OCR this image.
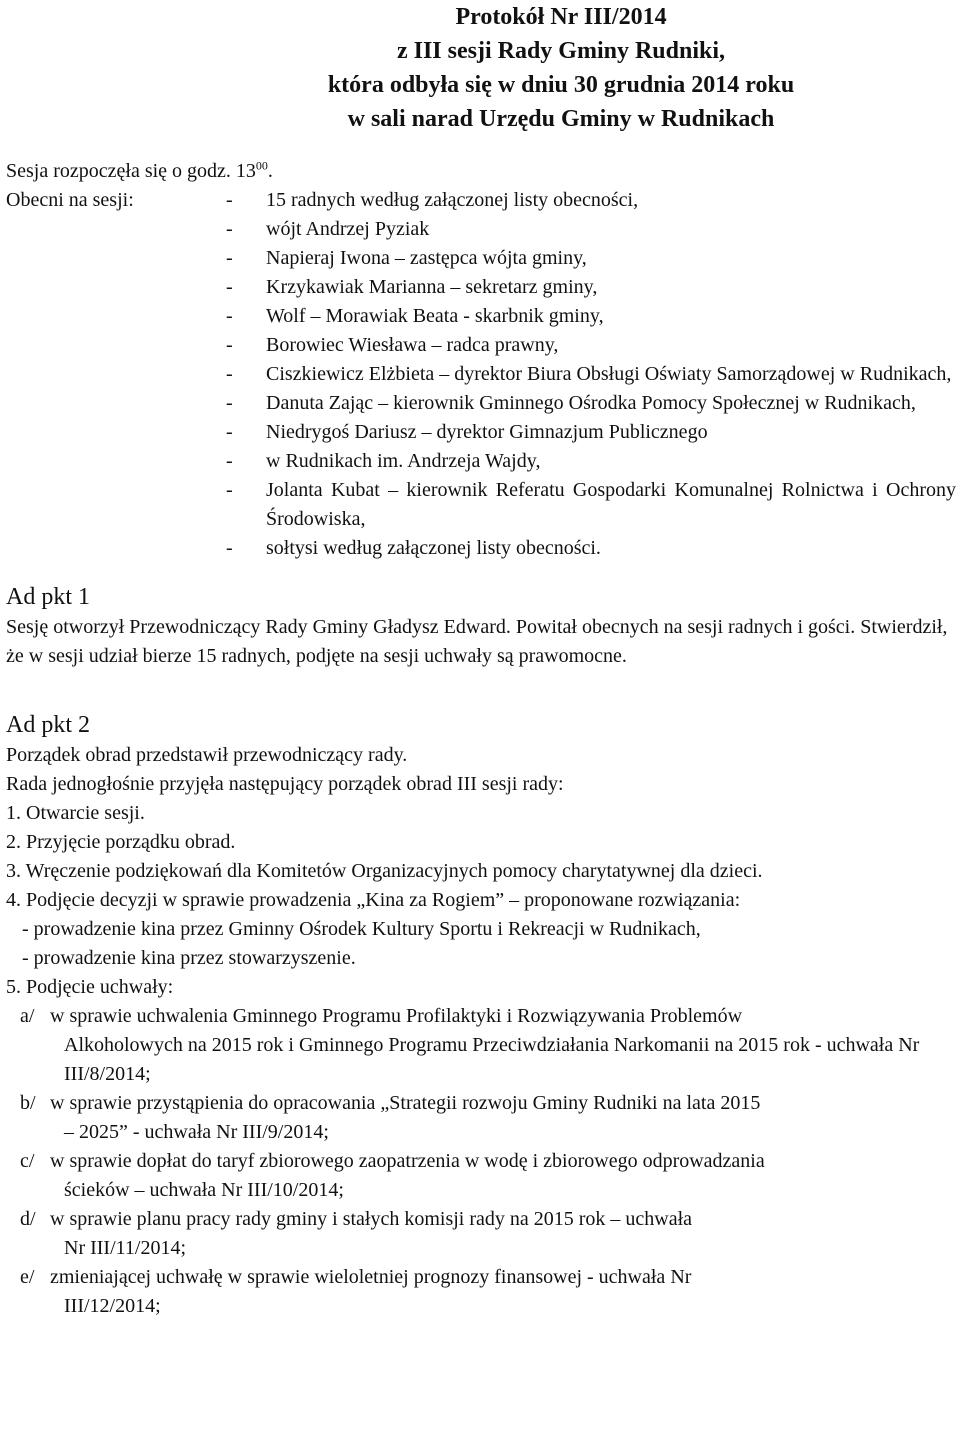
Protokół Nr III/2014
z III sesji Rady Gminy Rudniki,
która odbyła się w dniu 30 grudnia 2014 roku
w sali narad Urzędu Gminy w Rudnikach

Sesja rozpoczęła się o godz. $13^{00}$.

Obecni na sesji:	-	15 radnych według załączonej listy obecności,
-	wójt Andrzej Pyziak
-	Napieraj Iwona – zastępca wójta gminy,
-	Krzykawiak Marianna – sekretarz gminy,
-	Wolf – Morawiak Beata - skarbnik gminy,
-	Borowiec Wiesława – radca prawny,
-	Ciszkiewicz Elżbieta – dyrektor Biura Obsługi Oświaty Samorządowej w Rudnikach,
-	Danuta Zając – kierownik Gminnego Ośrodka Pomocy Społecznej w Rudnikach,
-	Niedrygoś Dariusz – dyrektor Gimnazjum Publicznego
-	w Rudnikach im. Andrzeja Wajdy,
-	Jolanta Kubat – kierownik Referatu Gospodarki Komunalnej Rolnictwa i Ochrony Środowiska,
-	sołtysi według załączonej listy obecności.
Ad pkt 1

Sesję otworzył Przewodniczący Rady Gminy Gładysz Edward. Powitał obecnych na sesji radnych i gości. Stwierdził, że w sesji udział bierze 15 radnych, podjęte na sesji uchwały są prawomocne.

Ad pkt 2

Porządek obrad przedstawił przewodniczący rady.

Rada jednogłośnie przyjęła następujący porządek obrad III sesji rady:

1. Otwarcie sesji.

2. Przyjęcie porządku obrad.

3. Wręczenie podziękowań dla Komitetów Organizacyjnych pomocy charytatywnej dla dzieci.

4. Podjęcie decyzji w sprawie prowadzenia „Kina za Rogiem” – proponowane rozwiązania:

- prowadzenie kina przez Gminny Ośrodek Kultury Sportu i Rekreacji w Rudnikach,

- prowadzenie kina przez stowarzyszenie.

5. Podjęcie uchwały:

a/ w sprawie uchwalenia Gminnego Programu Profilaktyki i Rozwiązywania Problemów
Alkoholowych na 2015 rok i Gminnego Programu Przeciwdziałania Narkomanii na 2015 rok - uchwała Nr III/8/2014;
b/ w sprawie przystąpienia do opracowania „Strategii rozwoju Gminy Rudniki na lata 2015
– 2025” - uchwała Nr III/9/2014;
c/ w sprawie dopłat do taryf zbiorowego zaopatrzenia w wodę i zbiorowego odprowadzania
ścieków – uchwała Nr III/10/2014;
d/ w sprawie planu pracy rady gminy i stałych komisji rady na 2015 rok – uchwała
Nr III/11/2014;
e/ zmieniającej uchwałę w sprawie wieloletniej prognozy finansowej - uchwała Nr
III/12/2014;
